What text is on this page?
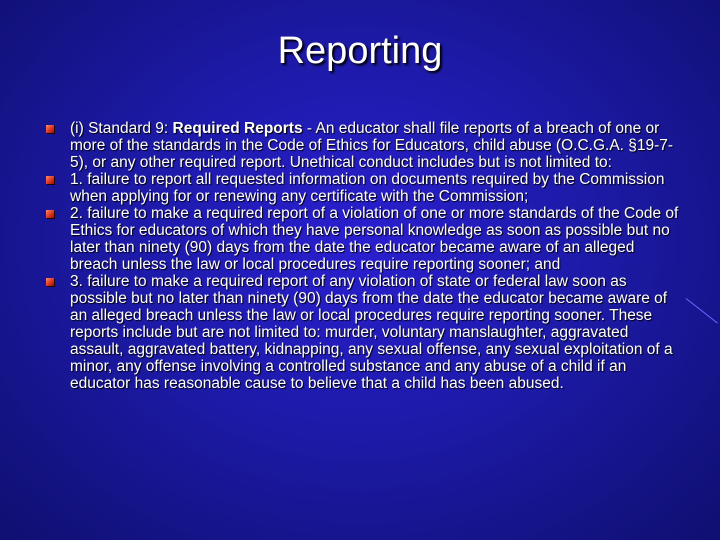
Reporting
(i) Standard 9: Required Reports - An educator shall file reports of a breach of one or more of the standards in the Code of Ethics for Educators, child abuse (O.C.G.A. §19-7-5), or any other required report. Unethical conduct includes but is not limited to:
1. failure to report all requested information on documents required by the Commission when applying for or renewing any certificate with the Commission;
2. failure to make a required report of a violation of one or more standards of the Code of Ethics for educators of which they have personal knowledge as soon as possible but no later than ninety (90) days from the date the educator became aware of an alleged breach unless the law or local procedures require reporting sooner; and
3. failure to make a required report of any violation of state or federal law soon as possible but no later than ninety (90) days from the date the educator became aware of an alleged breach unless the law or local procedures require reporting sooner. These reports include but are not limited to: murder, voluntary manslaughter, aggravated assault, aggravated battery, kidnapping, any sexual offense, any sexual exploitation of a minor, any offense involving a controlled substance and any abuse of a child if an educator has reasonable cause to believe that a child has been abused.
